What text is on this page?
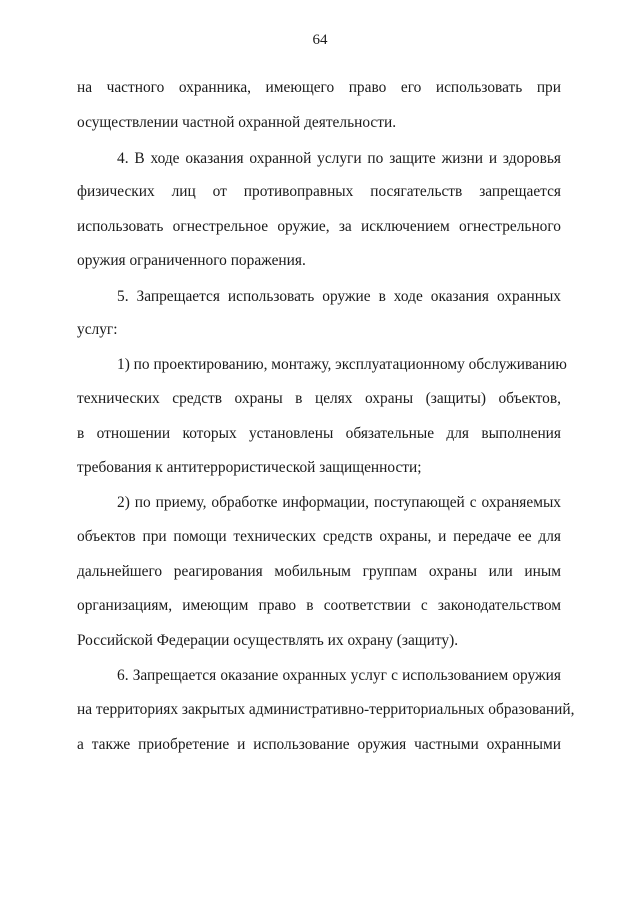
64
на частного охранника, имеющего право его использовать при
осуществлении частной охранной деятельности.
4. В ходе оказания охранной услуги по защите жизни и здоровья
физических лиц от противоправных посягательств запрещается
использовать огнестрельное оружие, за исключением огнестрельного
оружия ограниченного поражения.
5. Запрещается использовать оружие в ходе оказания охранных
услуг:
1) по проектированию, монтажу, эксплуатационному обслуживанию
технических средств охраны в целях охраны (защиты) объектов,
в отношении которых установлены обязательные для выполнения
требования к антитеррористической защищенности;
2) по приему, обработке информации, поступающей с охраняемых
объектов при помощи технических средств охраны, и передаче ее для
дальнейшего реагирования мобильным группам охраны или иным
организациям, имеющим право в соответствии с законодательством
Российской Федерации осуществлять их охрану (защиту).
6. Запрещается оказание охранных услуг с использованием оружия
на территориях закрытых административно-территориальных образований,
а также приобретение и использование оружия частными охранными
